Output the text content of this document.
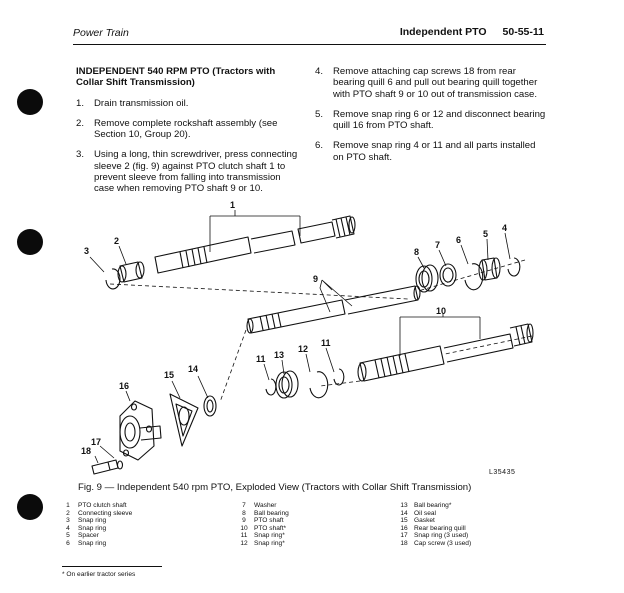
Power Train	Independent PTO 50-55-11
INDEPENDENT 540 RPM PTO (Tractors with Collar Shift Transmission)
1. Drain transmission oil.
2. Remove complete rockshaft assembly (see Section 10, Group 20).
3. Using a long, thin screwdriver, press connecting sleeve 2 (fig. 9) against PTO clutch shaft 1 to prevent sleeve from falling into transmission case when removing PTO shaft 9 or 10.
4. Remove attaching cap screws 18 from rear bearing quill 6 and pull out bearing quill together with PTO shaft 9 or 10 out of transmission case.
5. Remove snap ring 6 or 12 and disconnect bearing quill 16 from PTO shaft.
6. Remove snap ring 4 or 11 and all parts installed on PTO shaft.
1
2
3
4
5
6
7
8
9
10
11
12
13
14
15
16
17
18
11
L35435
Fig. 9 — Independent 540 rpm PTO, Exploded View (Tractors with Collar Shift Transmission)
1	PTO clutch shaft
2	Connecting sleeve
3	Snap ring
4	Snap ring
5	Spacer
6	Snap ring
7	Washer
8	Ball bearing
9	PTO shaft
10 PTO shaft*
11 Snap ring*
12 Snap ring*
13 Ball bearing*
14 Oil seal
15 Gasket
16 Rear bearing quill
17 Snap ring (3 used)
18 Cap screw (3 used)
* On earlier tractor series
